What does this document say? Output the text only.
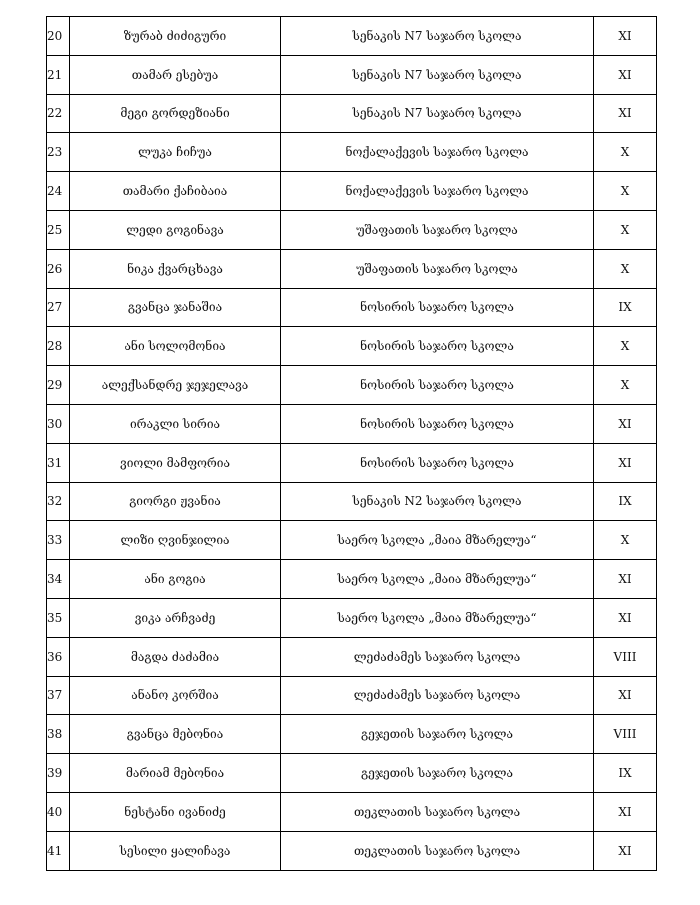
20	ზურაბ ძიძიგური	სენაკის N7 საჯარო სკოლა	XI
21	თამარ ესებუა	სენაკის N7 საჯარო სკოლა	XI
22	მეგი გორდეზიანი	სენაკის N7 საჯარო სკოლა	XI
23	ლუკა ჩიჩუა	ნოქალაქევის საჯარო სკოლა	X
24	თამარი ქაჩიბაია	ნოქალაქევის საჯარო სკოლა	X
25	ლედი გოგინავა	უშაფათის საჯარო სკოლა	X
26	ნიკა ქვარცხავა	უშაფათის საჯარო სკოლა	X
27	გვანცა ჯანაშია	ნოსირის საჯარო სკოლა	IX
28	ანი სოლომონია	ნოსირის საჯარო სკოლა	X
29	ალექსანდრე ჯეჯელავა	ნოსირის საჯარო სკოლა	X
30	ირაკლი სირია	ნოსირის საჯარო სკოლა	XI
31	ვიოლი მამფორია	ნოსირის საჯარო სკოლა	XI
32	გიორგი ჟვანია	სენაკის N2 საჯარო სკოლა	IX
33	ლიზი ღვინჯილია	საერო სკოლა „მაია მზარელუა“	X
34	ანი გოგია	საერო სკოლა „მაია მზარელუა“	XI
35	ვიკა არჩვაძე	საერო სკოლა „მაია მზარელუა“	XI
36	მაგდა ძაძამია	ლეძაძამეს საჯარო სკოლა	VIII
37	ანანო კორშია	ლეძაძამეს საჯარო სკოლა	XI
38	გვანცა მებონია	გეჯეთის საჯარო სკოლა	VIII
39	მარიამ მებონია	გეჯეთის საჯარო სკოლა	IX
40	ნესტანი ივანიძე	თეკლათის საჯარო სკოლა	XI
41	სესილი ყალიჩავა	თეკლათის საჯარო სკოლა	XI
